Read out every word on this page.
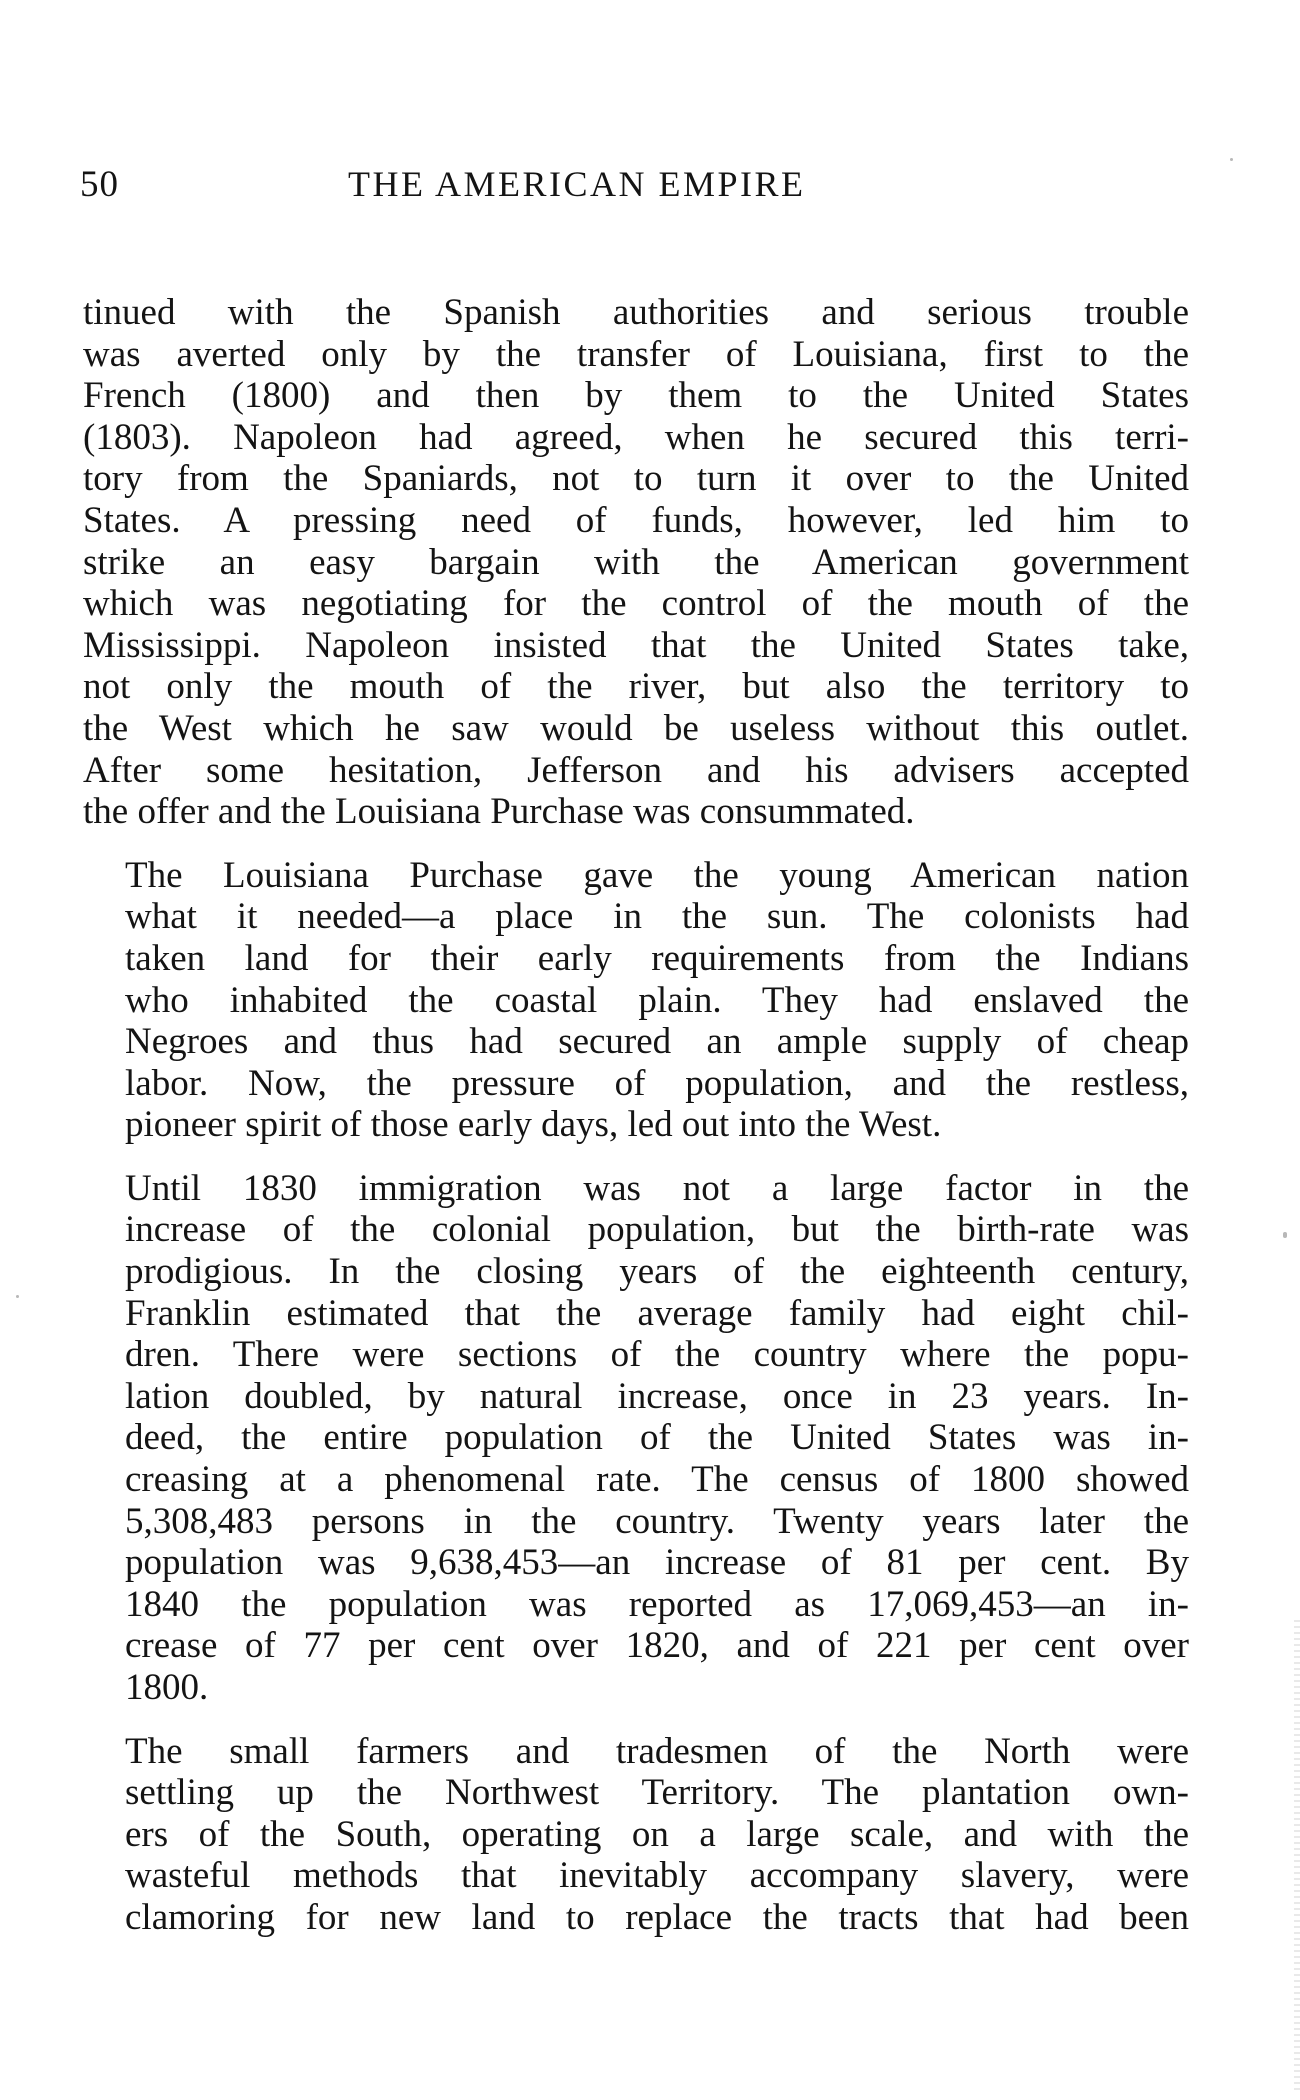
50	THE AMERICAN EMPIRE

tinued with the Spanish authorities and serious trouble
was averted only by the transfer of Louisiana, first to the
French (1800) and then by them to the United States
(1803). Napoleon had agreed, when he secured this terri-
tory from the Spaniards, not to turn it over to the United
States. A pressing need of funds, however, led him to
strike an easy bargain with the American government
which was negotiating for the control of the mouth of the
Mississippi. Napoleon insisted that the United States take,
not only the mouth of the river, but also the territory to
the West which he saw would be useless without this outlet.
After some hesitation, Jefferson and his advisers accepted
the offer and the Louisiana Purchase was consummated.

The Louisiana Purchase gave the young American nation
what it needed—a place in the sun. The colonists had
taken land for their early requirements from the Indians
who inhabited the coastal plain. They had enslaved the
Negroes and thus had secured an ample supply of cheap
labor. Now, the pressure of population, and the restless,
pioneer spirit of those early days, led out into the West.

Until 1830 immigration was not a large factor in the
increase of the colonial population, but the birth-rate was
prodigious. In the closing years of the eighteenth century,
Franklin estimated that the average family had eight chil-
dren. There were sections of the country where the popu-
lation doubled, by natural increase, once in 23 years. In-
deed, the entire population of the United States was in-
creasing at a phenomenal rate. The census of 1800 showed
5,308,483 persons in the country. Twenty years later the
population was 9,638,453—an increase of 81 per cent. By
1840 the population was reported as 17,069,453—an in-
crease of 77 per cent over 1820, and of 221 per cent over
1800.

The small farmers and tradesmen of the North were
settling up the Northwest Territory. The plantation own-
ers of the South, operating on a large scale, and with the
wasteful methods that inevitably accompany slavery, were
clamoring for new land to replace the tracts that had been
